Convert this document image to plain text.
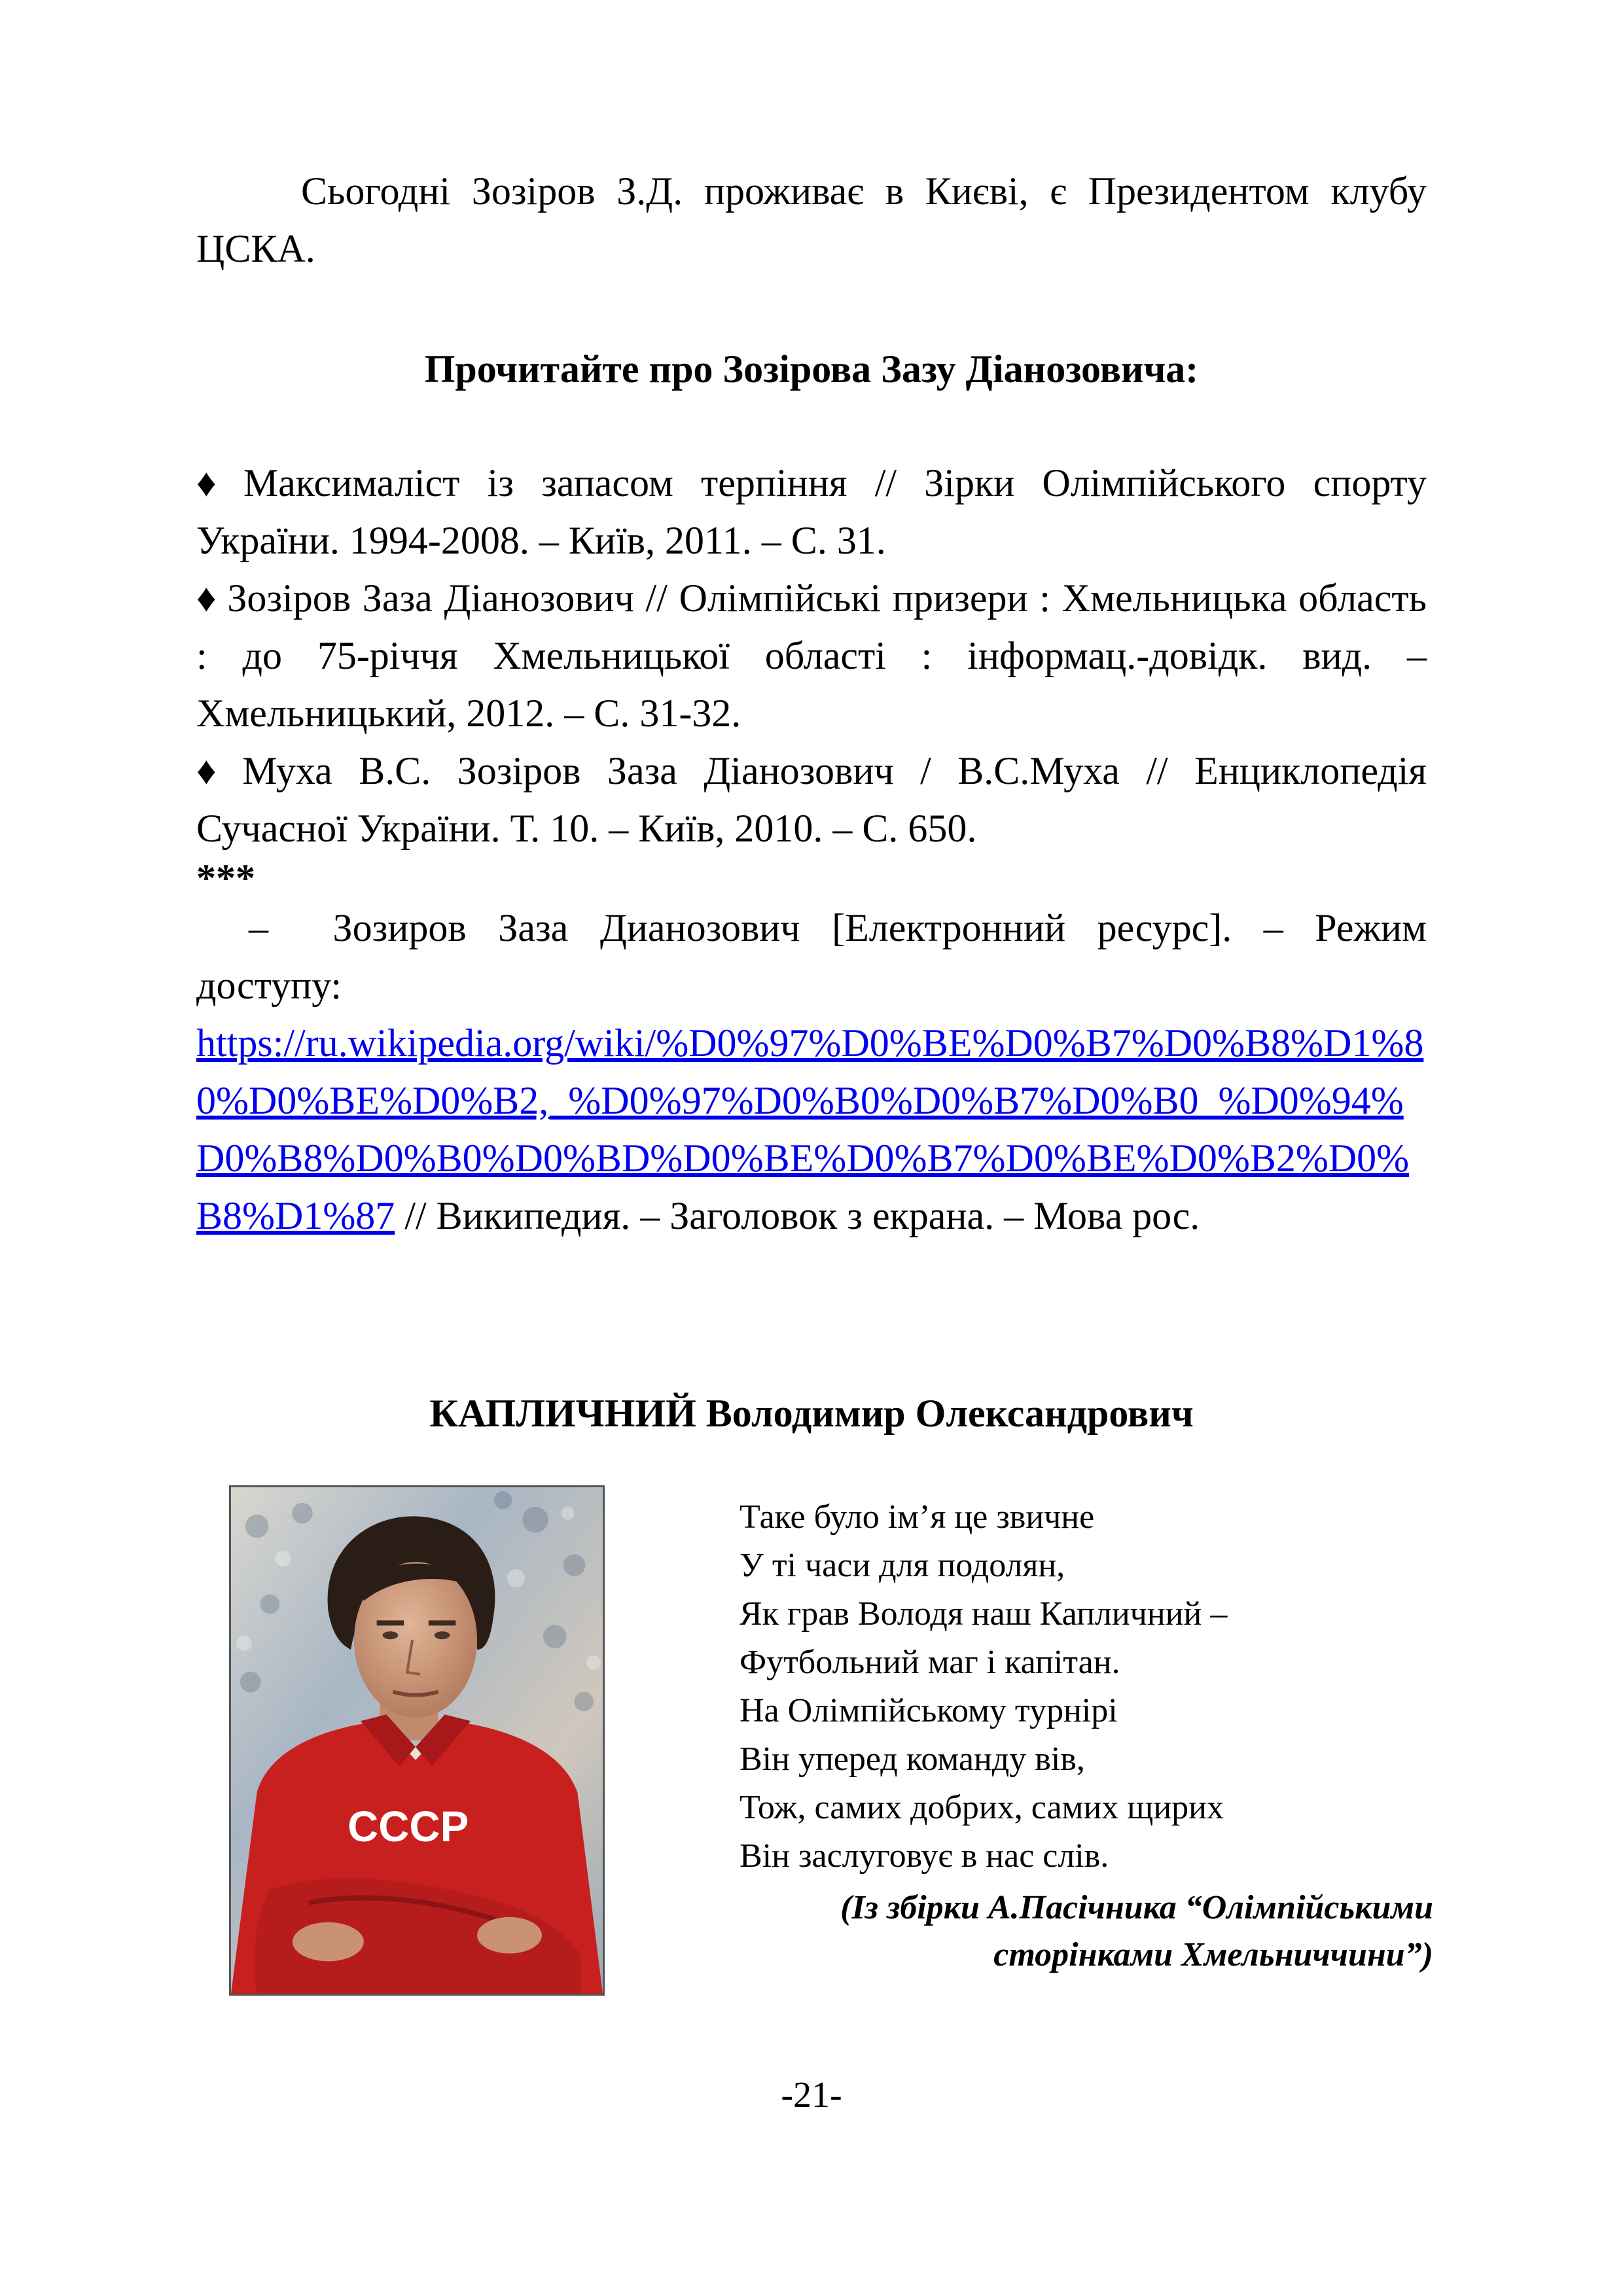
Сьогодні Зозіров З.Д. проживає в Києві, є Президентом клубу ЦСКА.

Прочитайте про Зозірова Зазу Діанозовича:

♦ Максималіст із запасом терпіння // Зірки Олімпійського спорту України. 1994-2008. – Київ, 2011. – С. 31.

♦ Зозіров Заза Діанозович // Олімпійські призери : Хмельницька область : до 75-річчя Хмельницької області : інформац.-довідк. вид. – Хмельницький, 2012. – С. 31-32.

♦ Муха В.С. Зозіров Заза Діанозович / В.С.Муха // Енциклопедія Сучасної України. Т. 10. – Київ, 2010. – С. 650.

***

– Зозиров Заза Дианозович [Електронний ресурс]. – Режим доступу:

https://ru.wikipedia.org/wiki/%D0%97%D0%BE%D0%B7%D0%B8%D1%80%D0%BE%D0%B2,_%D0%97%D0%B0%D0%B7%D0%B0_%D0%94%D0%B8%D0%B0%D0%BD%D0%BE%D0%B7%D0%BE%D0%B2%D0%B8%D1%87 // Википедия. – Заголовок з екрана. – Мова рос.

КАПЛИЧНИЙ Володимир Олександрович
СССР
Таке було ім’я це звичне
У ті часи для подолян,
Як грав Володя наш Капличний –
Футбольний маг і капітан.
На Олімпійському турнірі
Він уперед команду вів,
Тож, самих добрих, самих щирих
Він заслуговує в нас слів.
(Із збірки А.Пасічника “Олімпійськими
сторінками Хмельниччини”)
-21-
